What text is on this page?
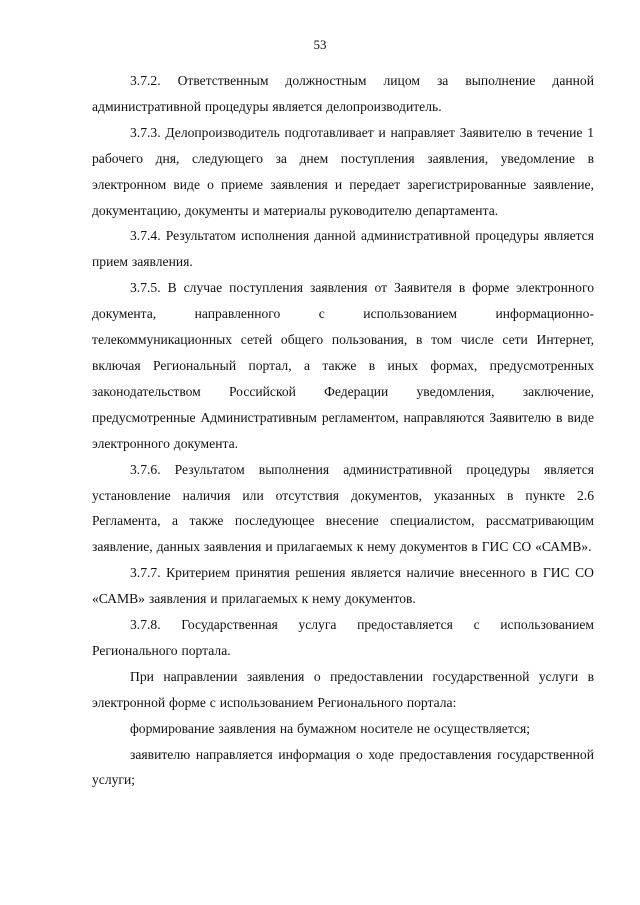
53

3.7.2. Ответственным должностным лицом за выполнение данной административной процедуры является делопроизводитель.

3.7.3. Делопроизводитель подготавливает и направляет Заявителю в течение 1 рабочего дня, следующего за днем поступления заявления, уведомление в электронном виде о приеме заявления и передает зарегистрированные заявление, документацию, документы и материалы руководителю департамента.

3.7.4. Результатом исполнения данной административной процедуры является прием заявления.

3.7.5. В случае поступления заявления от Заявителя в форме электронного документа, направленного с использованием информационно-телекоммуникационных сетей общего пользования, в том числе сети Интернет, включая Региональный портал, а также в иных формах, предусмотренных законодательством Российской Федерации уведомления, заключение, предусмотренные Административным регламентом, направляются Заявителю в виде электронного документа.

3.7.6. Результатом выполнения административной процедуры является установление наличия или отсутствия документов, указанных в пункте 2.6 Регламента, а также последующее внесение специалистом, рассматривающим заявление, данных заявления и прилагаемых к нему документов в ГИС СО «САМВ».

3.7.7. Критерием принятия решения является наличие внесенного в ГИС СО «САМВ» заявления и прилагаемых к нему документов.

3.7.8. Государственная услуга предоставляется с использованием Регионального портала.

При направлении заявления о предоставлении государственной услуги в электронной форме с использованием Регионального портала:

формирование заявления на бумажном носителе не осуществляется;

заявителю направляется информация о ходе предоставления государственной услуги;
